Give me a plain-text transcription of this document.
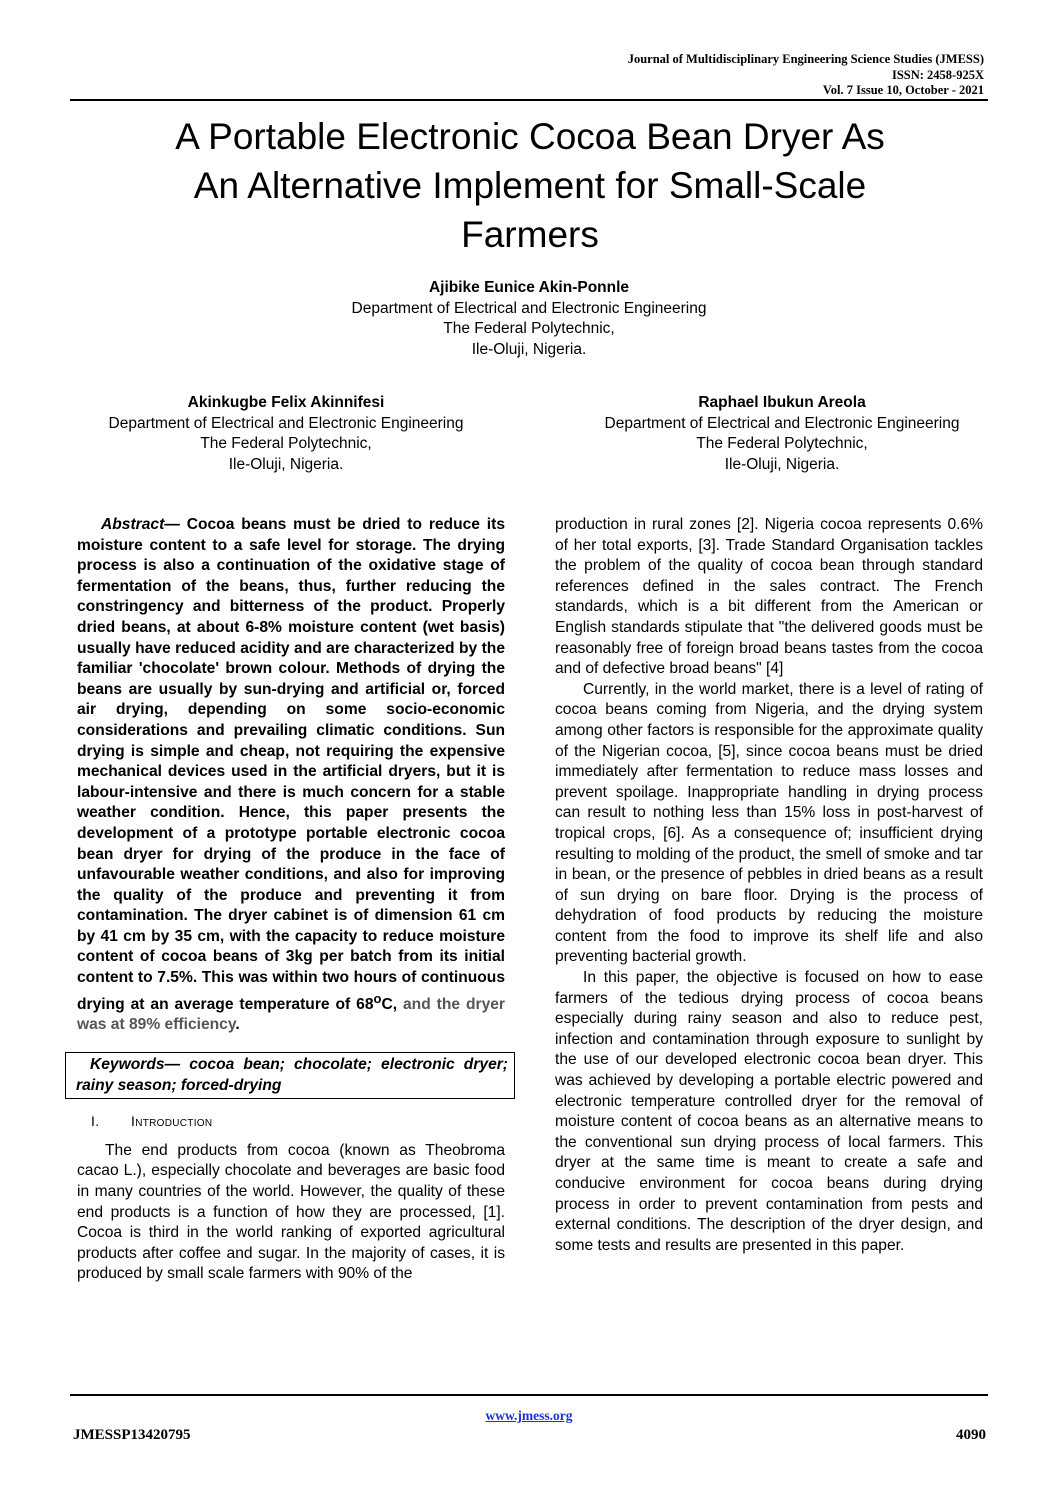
Journal of Multidisciplinary Engineering Science Studies (JMESS)
ISSN: 2458-925X
Vol. 7 Issue 10, October - 2021
A Portable Electronic Cocoa Bean Dryer As
An Alternative Implement for Small-Scale
Farmers
Ajibike Eunice Akin-Ponnle
Department of Electrical and Electronic Engineering
The Federal Polytechnic,
Ile-Oluji, Nigeria.
Akinkugbe Felix Akinnifesi
Department of Electrical and Electronic Engineering
The Federal Polytechnic,
Ile-Oluji, Nigeria.
Raphael Ibukun Areola
Department of Electrical and Electronic Engineering
The Federal Polytechnic,
Ile-Oluji, Nigeria.

Abstract— Cocoa beans must be dried to reduce its moisture content to a safe level for storage. The drying process is also a continuation of the oxidative stage of fermentation of the beans, thus, further reducing the constringency and bitterness of the product. Properly dried beans, at about 6-8% moisture content (wet basis) usually have reduced acidity and are characterized by the familiar 'chocolate' brown colour. Methods of drying the beans are usually by sun-drying and artificial or, forced air drying, depending on some socio-economic considerations and prevailing climatic conditions. Sun drying is simple and cheap, not requiring the expensive mechanical devices used in the artificial dryers, but it is labour-intensive and there is much concern for a stable weather condition. Hence, this paper presents the development of a prototype portable electronic cocoa bean dryer for drying of the produce in the face of unfavourable weather conditions, and also for improving the quality of the produce and preventing it from contamination. The dryer cabinet is of dimension 61 cm by 41 cm by 35 cm, with the capacity to reduce moisture content of cocoa beans of 3kg per batch from its initial content to 7.5%. This was within two hours of continuous drying at an average temperature of 68$^o$C, and the dryer was at 89% efficiency.

Keywords— cocoa bean; chocolate; electronic dryer; rainy season; forced-drying

I. Introduction

The end products from cocoa (known as Theobroma cacao L.), especially chocolate and beverages are basic food in many countries of the world. However, the quality of these end products is a function of how they are processed, [1]. Cocoa is third in the world ranking of exported agricultural products after coffee and sugar. In the majority of cases, it is produced by small scale farmers with 90% of the

production in rural zones [2]. Nigeria cocoa represents 0.6% of her total exports, [3]. Trade Standard Organisation tackles the problem of the quality of cocoa bean through standard references defined in the sales contract. The French standards, which is a bit different from the American or English standards stipulate that "the delivered goods must be reasonably free of foreign broad beans tastes from the cocoa and of defective broad beans" [4]

Currently, in the world market, there is a level of rating of cocoa beans coming from Nigeria, and the drying system among other factors is responsible for the approximate quality of the Nigerian cocoa, [5], since cocoa beans must be dried immediately after fermentation to reduce mass losses and prevent spoilage. Inappropriate handling in drying process can result to nothing less than 15% loss in post-harvest of tropical crops, [6]. As a consequence of; insufficient drying resulting to molding of the product, the smell of smoke and tar in bean, or the presence of pebbles in dried beans as a result of sun drying on bare floor. Drying is the process of dehydration of food products by reducing the moisture content from the food to improve its shelf life and also preventing bacterial growth.

In this paper, the objective is focused on how to ease farmers of the tedious drying process of cocoa beans especially during rainy season and also to reduce pest, infection and contamination through exposure to sunlight by the use of our developed electronic cocoa bean dryer. This was achieved by developing a portable electric powered and electronic temperature controlled dryer for the removal of moisture content of cocoa beans as an alternative means to the conventional sun drying process of local farmers. This dryer at the same time is meant to create a safe and conducive environment for cocoa beans during drying process in order to prevent contamination from pests and external conditions. The description of the dryer design, and some tests and results are presented in this paper.

www.jmess.org
JMESSP13420795	4090
